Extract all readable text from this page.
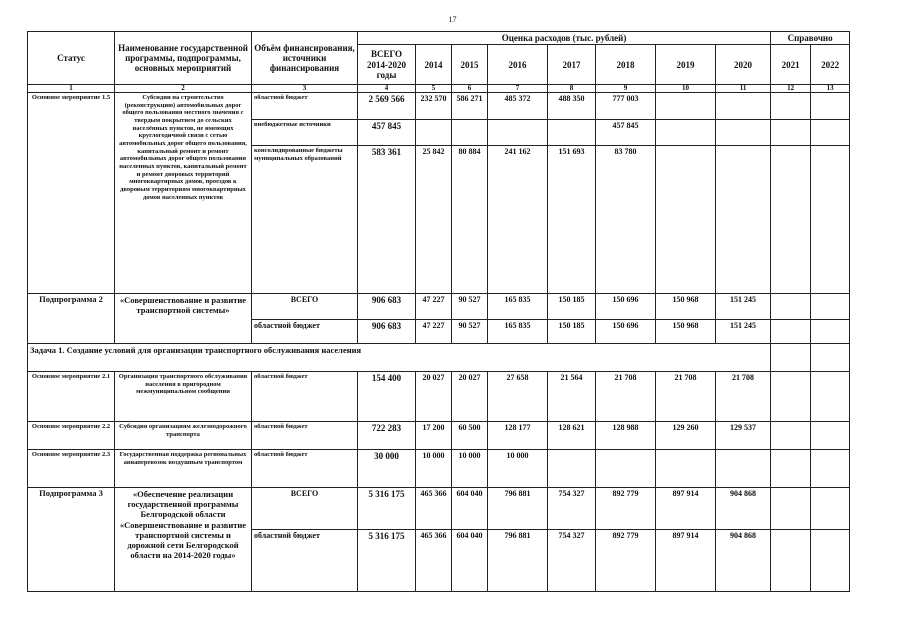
17
Статус	Наименование государственной программы, подпрограммы, основных мероприятий	Объём финансирования, источники финансирования	Оценка расходов (тыс. рублей)								Справочно	
			ВСЕГО 2014-2020 годы	2014	2015	2016	2017	2018	2019	2020	2021	2022
1	2	3	4	5	6	7	8	9	10	11	12	13
Основное мероприятие 1.5	Субсидии на строительство (реконструкцию) автомобильных дорог общего пользования местного значения с твердым покрытием до сельских населённых пунктов, не имеющих круглогодичной связи с сетью автомобильных дорог общего пользования, капитальный ремонт и ремонт автомобильных дорог общего пользования населенных пунктов, капитальный ремонт и ремонт дворовых территорий многоквартирных домов, проездов к дворовым территориям многоквартирных домов населенных пунктов	областной бюджет	2 569 566	232 570	586 271	485 372	488 350	777 003				
		внебюджетные источники	457 845					457 845				
		консолидированные бюджеты муниципальных образований	583 361	25 842	80 884	241 162	151 693	83 780				
Подпрограмма 2	«Совершенствование и развитие транспортной системы»	ВСЕГО	906 683	47 227	90 527	165 835	150 185	150 696	150 968	151 245		
		областной бюджет	906 683	47 227	90 527	165 835	150 185	150 696	150 968	151 245		
Задача 1. Создание условий для организации транспортного обслуживания населения												
Основное мероприятие 2.1	Организация транспортного обслуживания населения в пригородном межмуниципальном сообщении	областной бюджет	154 400	20 027	20 027	27 658	21 564	21 708	21 708	21 708		
Основное мероприятие 2.2	Субсидия организациям железнодорожного транспорта	областной бюджет	722 283	17 200	60 500	128 177	128 621	128 988	129 260	129 537		
Основное мероприятие 2.3	Государственная поддержка региональных авиаперевозок воздушным транспортом	областной бюджет	30 000	10 000	10 000	10 000						
Подпрограмма 3	«Обеспечение реализации государственной программы Белгородской области «Совершенствование и развитие транспортной системы и дорожной сети Белгородской области на 2014-2020 годы»	ВСЕГО	5 316 175	465 366	604 040	796 881	754 327	892 779	897 914	904 868		
		областной бюджет	5 316 175	465 366	604 040	796 881	754 327	892 779	897 914	904 868		
